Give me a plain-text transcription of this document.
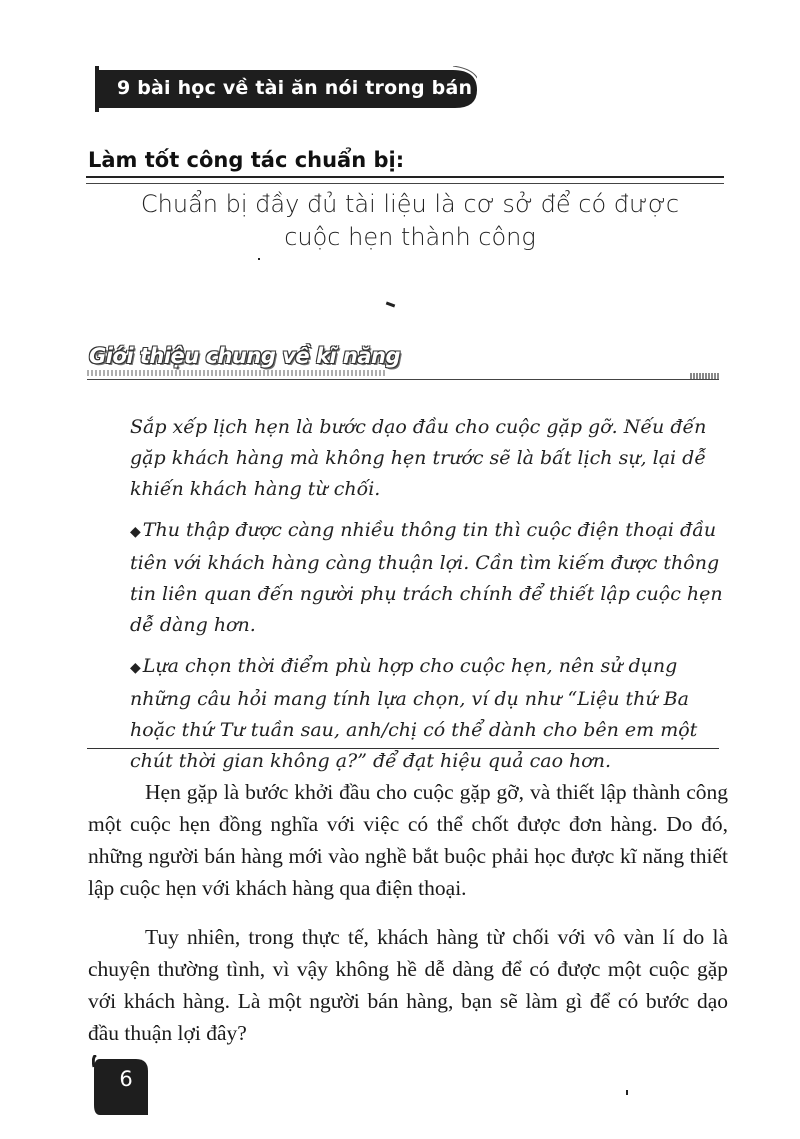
9 bài học về tài ăn nói trong bán hàng
Làm tốt công tác chuẩn bị:
Chuẩn bị đầy đủ tài liệu là cơ sở để có được
cuộc hẹn thành công
Giới thiệu chung về kĩ năng

Sắp xếp lịch hẹn là bước dạo đầu cho cuộc gặp gỡ. Nếu đến gặp khách hàng mà không hẹn trước sẽ là bất lịch sự, lại dễ khiến khách hàng từ chối.

◆ Thu thập được càng nhiều thông tin thì cuộc điện thoại đầu tiên với khách hàng càng thuận lợi. Cần tìm kiếm được thông tin liên quan đến người phụ trách chính để thiết lập cuộc hẹn dễ dàng hơn.

◆ Lựa chọn thời điểm phù hợp cho cuộc hẹn, nên sử dụng những câu hỏi mang tính lựa chọn, ví dụ như “Liệu thứ Ba hoặc thứ Tư tuần sau, anh/chị có thể dành cho bên em một chút thời gian không ạ?” để đạt hiệu quả cao hơn.

Hẹn gặp là bước khởi đầu cho cuộc gặp gỡ, và thiết lập thành công một cuộc hẹn đồng nghĩa với việc có thể chốt được đơn hàng. Do đó, những người bán hàng mới vào nghề bắt buộc phải học được kĩ năng thiết lập cuộc hẹn với khách hàng qua điện thoại.

Tuy nhiên, trong thực tế, khách hàng từ chối với vô vàn lí do là chuyện thường tình, vì vậy không hề dễ dàng để có được một cuộc gặp với khách hàng. Là một người bán hàng, bạn sẽ làm gì để có bước dạo đầu thuận lợi đây?

6
